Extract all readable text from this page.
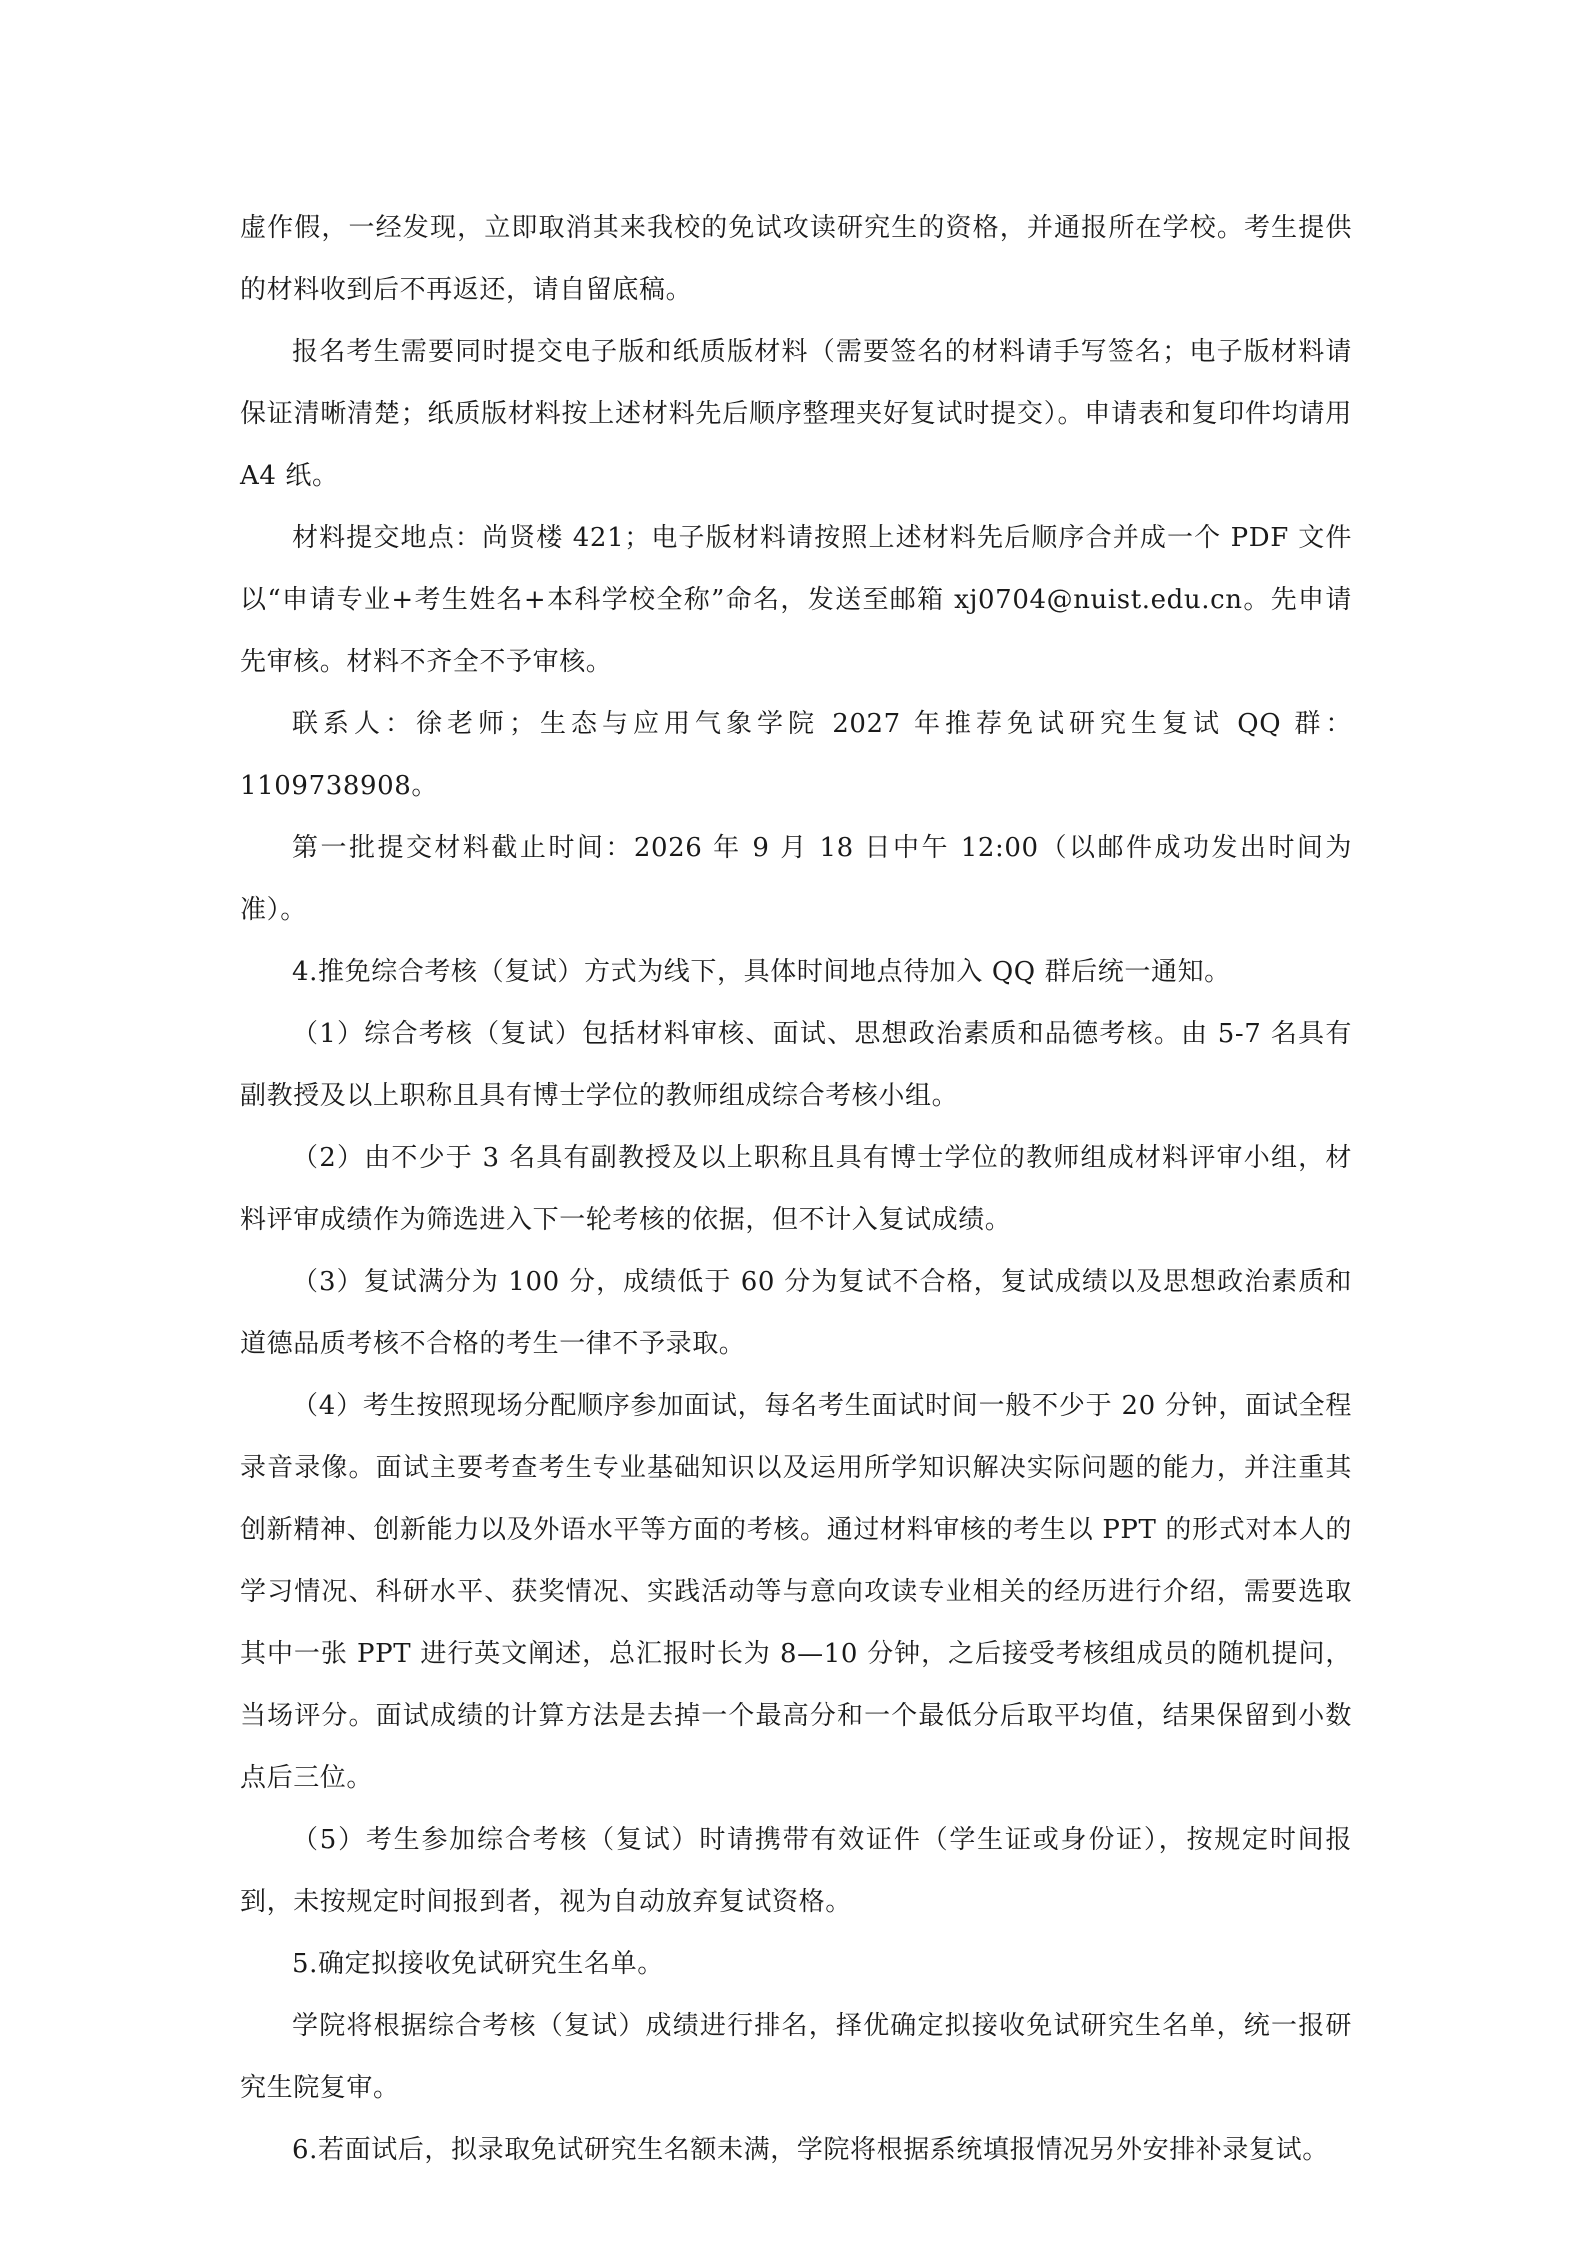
虚作假，一经发现，立即取消其来我校的免试攻读研究生的资格，并通报所在学校。考生提供的材料收到后不再返还，请自留底稿。

报名考生需要同时提交电子版和纸质版材料（需要签名的材料请手写签名；电子版材料请保证清晰清楚；纸质版材料按上述材料先后顺序整理夹好复试时提交）。申请表和复印件均请用 A4 纸。

材料提交地点：尚贤楼 421；电子版材料请按照上述材料先后顺序合并成一个 PDF 文件以“申请专业+考生姓名+本科学校全称”命名，发送至邮箱 xj0704@nuist.edu.cn。先申请先审核。材料不齐全不予审核。

联系人：徐老师；生态与应用气象学院 2027 年推荐免试研究生复试 QQ 群：1109738908。

第一批提交材料截止时间：2026 年 9 月 18 日中午 12:00（以邮件成功发出时间为准）。

4.推免综合考核（复试）方式为线下，具体时间地点待加入 QQ 群后统一通知。

（1）综合考核（复试）包括材料审核、面试、思想政治素质和品德考核。由 5-7 名具有副教授及以上职称且具有博士学位的教师组成综合考核小组。

（2）由不少于 3 名具有副教授及以上职称且具有博士学位的教师组成材料评审小组，材料评审成绩作为筛选进入下一轮考核的依据，但不计入复试成绩。

（3）复试满分为 100 分，成绩低于 60 分为复试不合格，复试成绩以及思想政治素质和道德品质考核不合格的考生一律不予录取。

（4）考生按照现场分配顺序参加面试，每名考生面试时间一般不少于 20 分钟，面试全程录音录像。面试主要考查考生专业基础知识以及运用所学知识解决实际问题的能力，并注重其创新精神、创新能力以及外语水平等方面的考核。通过材料审核的考生以 PPT 的形式对本人的学习情况、科研水平、获奖情况、实践活动等与意向攻读专业相关的经历进行介绍，需要选取其中一张 PPT 进行英文阐述，总汇报时长为 8—10 分钟，之后接受考核组成员的随机提问，当场评分。面试成绩的计算方法是去掉一个最高分和一个最低分后取平均值，结果保留到小数点后三位。

（5）考生参加综合考核（复试）时请携带有效证件（学生证或身份证），按规定时间报到，未按规定时间报到者，视为自动放弃复试资格。

5.确定拟接收免试研究生名单。

学院将根据综合考核（复试）成绩进行排名，择优确定拟接收免试研究生名单，统一报研究生院复审。

6.若面试后，拟录取免试研究生名额未满，学院将根据系统填报情况另外安排补录复试。
